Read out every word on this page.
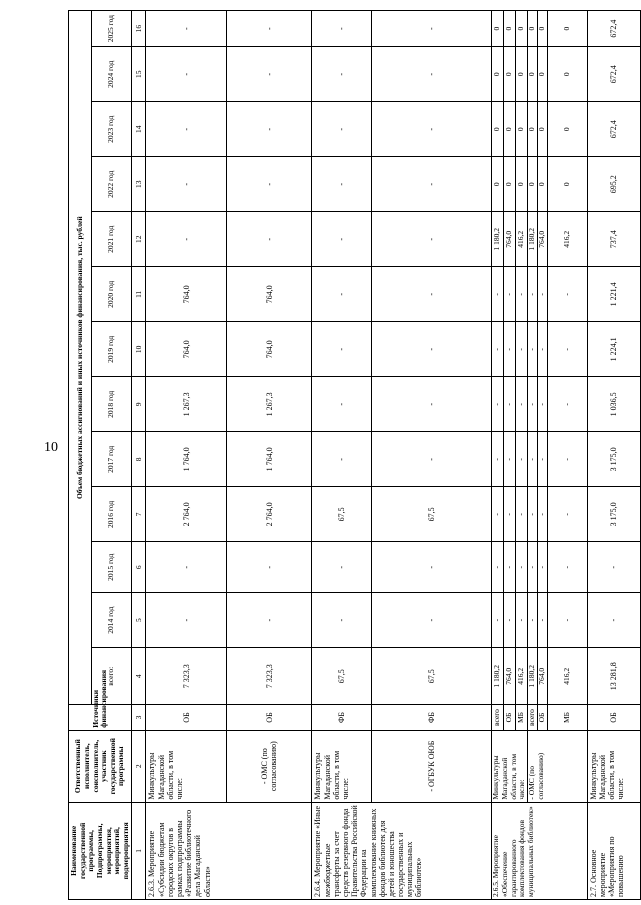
10
Наименование государственной программы, Подпрограммы, мероприятия, мероприятий, подмероприятия	Ответственный исполнитель, соисполнитель, участник государственной программы	Источники финансирования	Объем бюджетных ассигнований и иных источников финансирования, тыс. рублей												
			всего:	2014 год	2015 год	2016 год	2017 год	2018 год	2019 год	2020 год	2021 год	2022 год	2023 год	2024 год	2025 год
1	2	3	4	5	6	7	8	9	10	11	12	13	14	15	16
2.6.3. Мероприятие «Субсидии бюджетам городских округов в рамках подпрограммы «Развитие библиотечного дела Магаданской области»	Минкультуры Магаданской области, в том числе:	ОБ	7 323,3	-	-	2 764,0	1 764,0	1 267,3	764,0	764,0	-	-	-	-	-
	- ОМС (по согласованию)	ОБ	7 323,3	-	-	2 764,0	1 764,0	1 267,3	764,0	764,0	-	-	-	-	-
2.6.4. Мероприятие «Иные межбюджетные трансферты за счет средств резервного фонда Правительства Российской Федерации на комплектование книжных фондов библиотек для детей и юношества государственных и муниципальных библиотек»	Минкультуры Магаданской области, в том числе:	ФБ	67,5	-	-	67,5	-	-	-	-	-	-	-	-	-
	- ОГБУК ОЮБ	ФБ	67,5	-	-	67,5	-	-	-	-	-	-	-	-	-
2.6.5. Мероприятие «Обеспечение гарантированного комплектования фондов муниципальных библиотек»	Минкультуры Магаданской области, в том числе:	всего	1 180,2	-	-	-	-	-	-	-	1 180,2	0	0	0	0
		ОБ	764,0	-	-	-	-	-	-	-	764,0	0	0	0	0
		МБ	416,2	-	-	-	-	-	-	-	416,2	0	0	0	0
	- ОМС (по согласованию)	всего	1 180,2	-	-	-	-	-	-	-	1 180,2	0	0	0	0
		ОБ	764,0	-	-	-	-	-	-	-	764,0	0	0	0	0
		МБ	416,2	-	-	-	-	-	-	-	416,2	0	0	0	0
2.7. Основное мероприятие «Мероприятия по повышению	Минкультуры Магаданской области, в том числе:	ОБ	13 281,8	-	-	3 175,0	3 175,0	1 036,5	1 224,1	1 221,4	737,4	695,2	672,4	672,4	672,4
